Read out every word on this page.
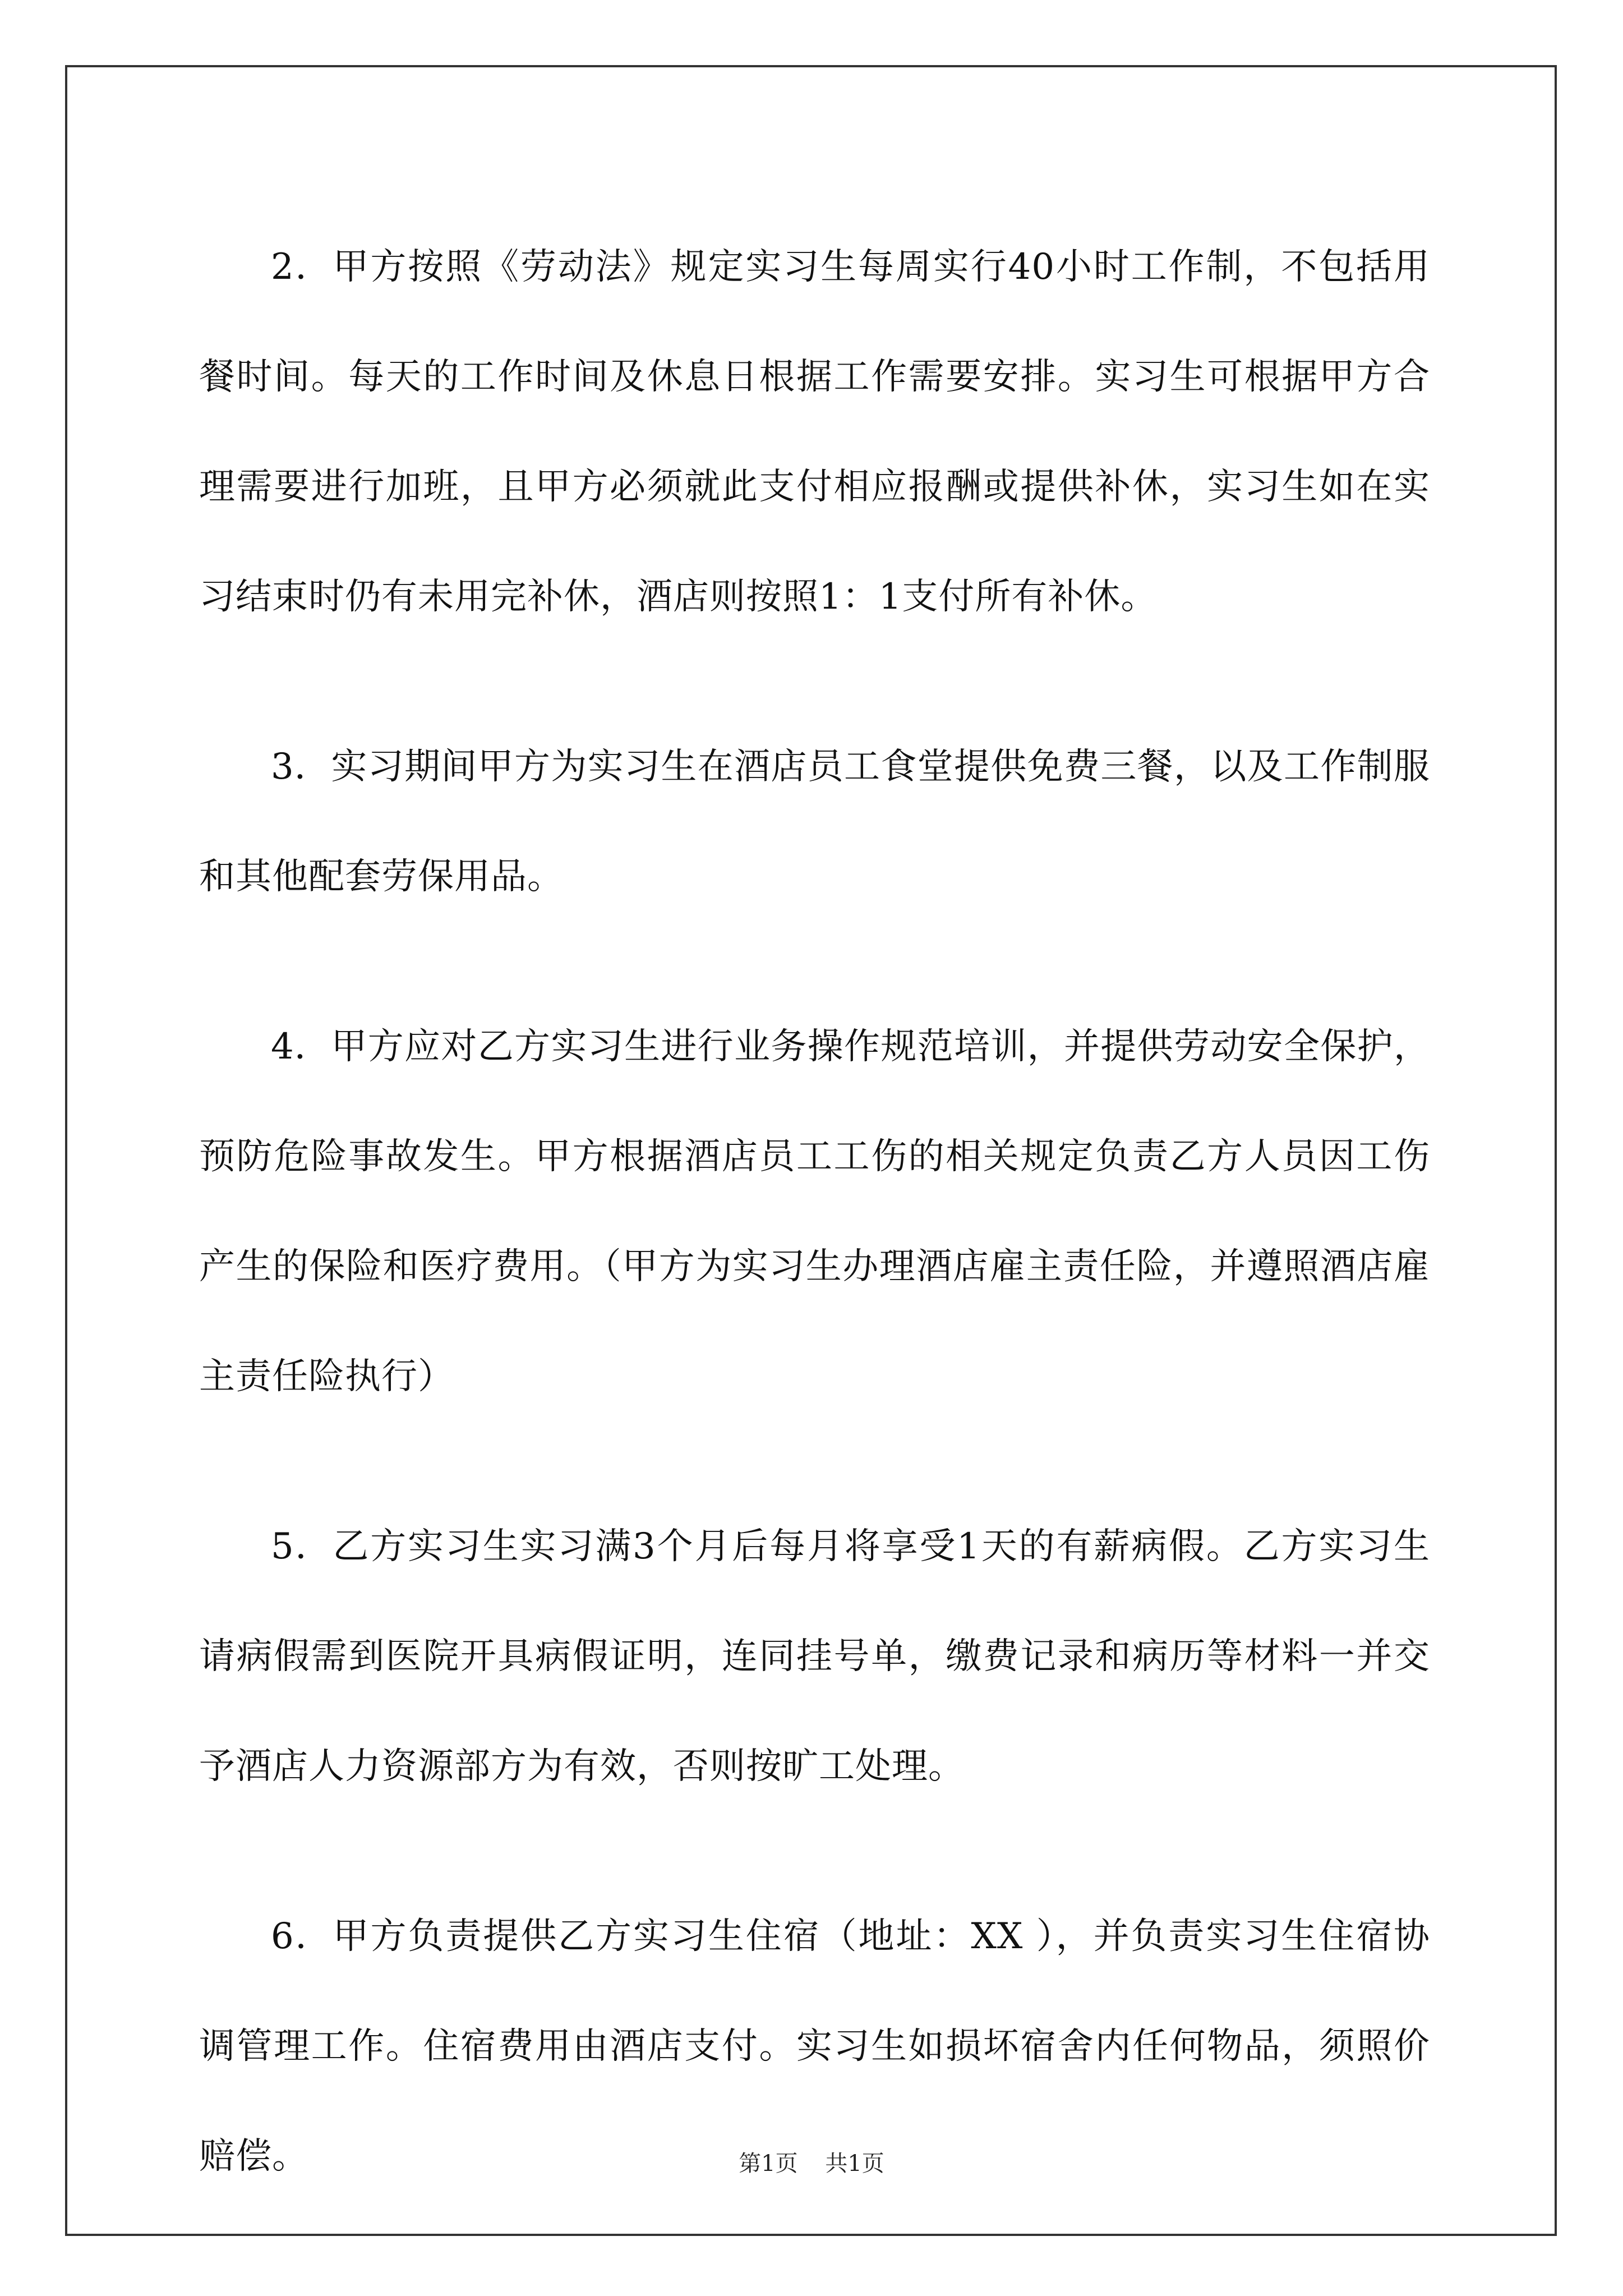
2．甲方按照《劳动法》规定实习生每周实行40小时工作制，不包括用餐时间。每天的工作时间及休息日根据工作需要安排。实习生可根据甲方合理需要进行加班，且甲方必须就此支付相应报酬或提供补休，实习生如在实习结束时仍有未用完补休，酒店则按照1：1支付所有补休。

3．实习期间甲方为实习生在酒店员工食堂提供免费三餐，以及工作制服和其他配套劳保用品。

4．甲方应对乙方实习生进行业务操作规范培训，并提供劳动安全保护，预防危险事故发生。甲方根据酒店员工工伤的相关规定负责乙方人员因工伤产生的保险和医疗费用。（甲方为实习生办理酒店雇主责任险，并遵照酒店雇主责任险执行）

5．乙方实习生实习满3个月后每月将享受1天的有薪病假。乙方实习生请病假需到医院开具病假证明，连同挂号单，缴费记录和病历等材料一并交予酒店人力资源部方为有效，否则按旷工处理。

6．甲方负责提供乙方实习生住宿（地址：XX ），并负责实习生住宿协调管理工作。住宿费用由酒店支付。实习生如损坏宿舍内任何物品，须照价赔偿。	第1页 共1页
